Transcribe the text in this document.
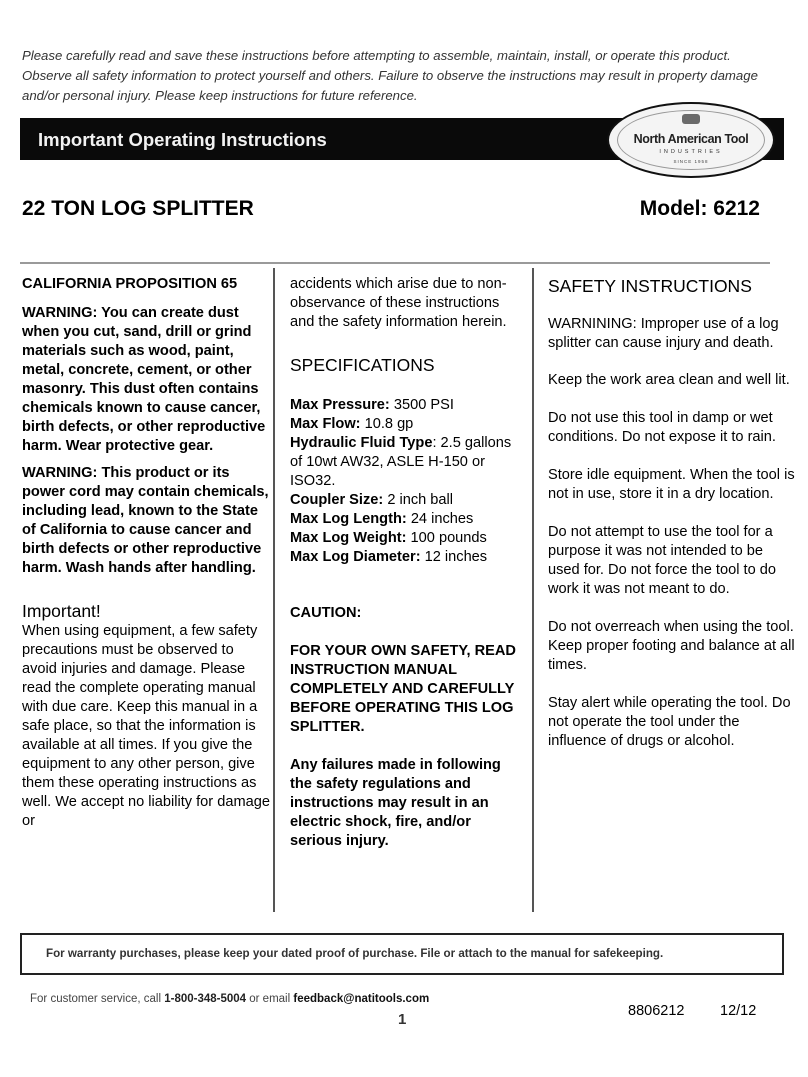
Please carefully read and save these instructions before attempting to assemble, maintain, install, or operate this product. Observe all safety information to protect yourself and others. Failure to observe the instructions may result in property damage and/or personal injury. Please keep instructions for future reference.
Important Operating Instructions	North American Tool
INDUSTRIES
SINCE 1958
22 TON LOG SPLITTER	Model: 6212

CALIFORNIA PROPOSITION 65

WARNING: You can create dust when you cut, sand, drill or grind materials such as wood, paint, metal, concrete, cement, or other masonry. This dust often contains chemicals known to cause cancer, birth defects, or other reproductive harm. Wear protective gear.

WARNING: This product or its power cord may contain chemicals, including lead, known to the State of California to cause cancer and birth defects or other reproductive harm. Wash hands after handling.

Important!

When using equipment, a few safety precautions must be observed to avoid injuries and damage. Please read the complete operating manual with due care. Keep this manual in a safe place, so that the information is available at all times. If you give the equipment to any other person, give them these operating instructions as well. We accept no liability for damage or

accidents which arise due to non-observance of these instructions and the safety information herein.

SPECIFICATIONS

Max Pressure: 3500 PSI

Max Flow: 10.8 gp

Hydraulic Fluid Type: 2.5 gallons of 10wt AW32, ASLE H-150 or ISO32.

Coupler Size: 2 inch ball

Max Log Length: 24 inches

Max Log Weight: 100 pounds

Max Log Diameter: 12 inches

CAUTION:

FOR YOUR OWN SAFETY, READ INSTRUCTION MANUAL COMPLETELY AND CAREFULLY BEFORE OPERATING THIS LOG SPLITTER.

Any failures made in following the safety regulations and instructions may result in an electric shock, fire, and/or serious injury.

SAFETY INSTRUCTIONS

WARNINING: Improper use of a log splitter can cause injury and death.

Keep the work area clean and well lit.

Do not use this tool in damp or wet conditions. Do not expose it to rain.

Store idle equipment. When the tool is not in use, store it in a dry location.

Do not attempt to use the tool for a purpose it was not intended to be used for. Do not force the tool to do work it was not meant to do.

Do not overreach when using the tool. Keep proper footing and balance at all times.

Stay alert while operating the tool. Do not operate the tool under the influence of drugs or alcohol.

For warranty purchases, please keep your dated proof of purchase. File or attach to the manual for safekeeping.
For customer service, call 1-800-348-5004 or email feedback@natitools.com
1	8806212 12/12
